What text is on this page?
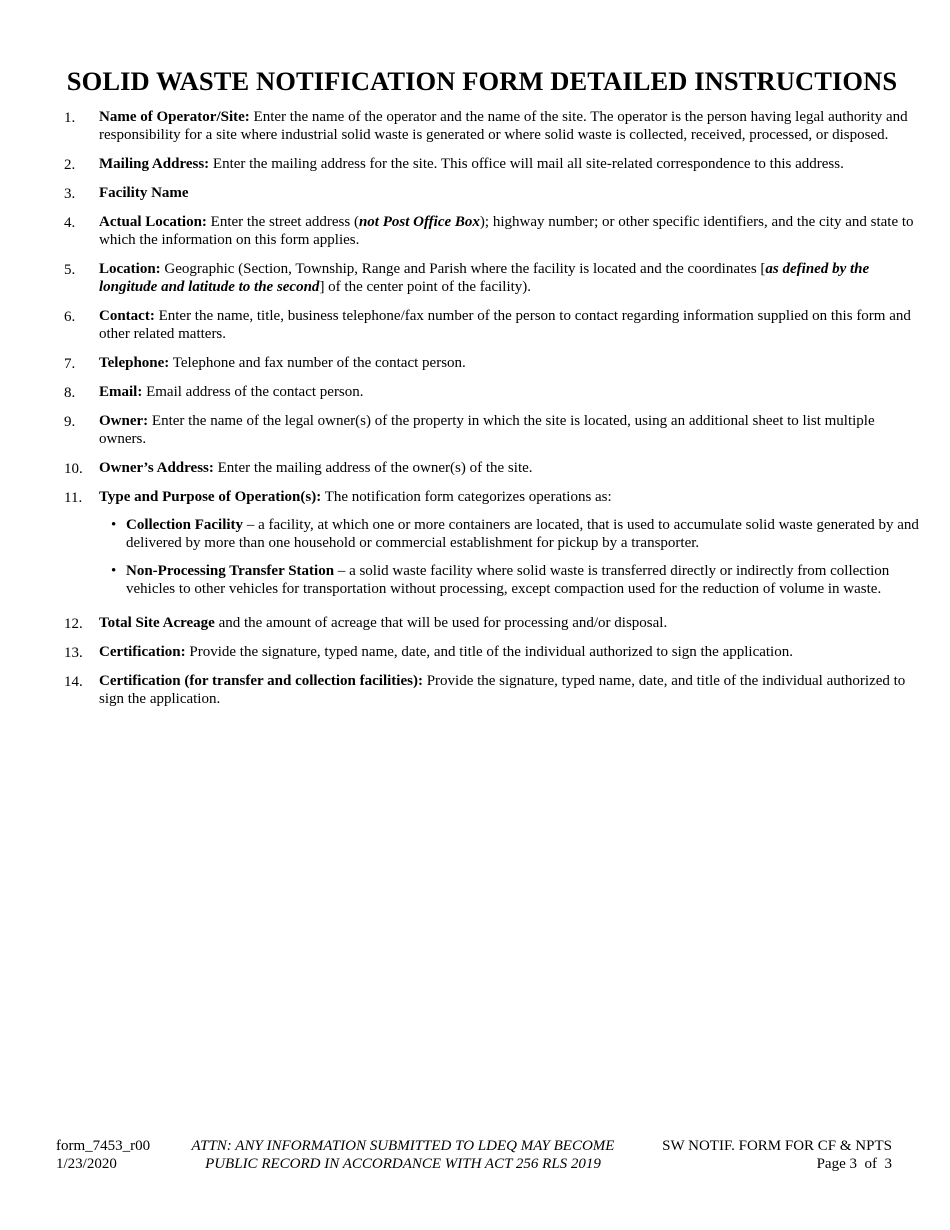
SOLID WASTE NOTIFICATION FORM DETAILED INSTRUCTIONS
1. Name of Operator/Site: Enter the name of the operator and the name of the site. The operator is the person having legal authority and responsibility for a site where industrial solid waste is generated or where solid waste is collected, received, processed, or disposed.
2. Mailing Address: Enter the mailing address for the site. This office will mail all site-related correspondence to this address.
3. Facility Name
4. Actual Location: Enter the street address (not Post Office Box); highway number; or other specific identifiers, and the city and state to which the information on this form applies.
5. Location: Geographic (Section, Township, Range and Parish where the facility is located and the coordinates [as defined by the longitude and latitude to the second] of the center point of the facility).
6. Contact: Enter the name, title, business telephone/fax number of the person to contact regarding information supplied on this form and other related matters.
7. Telephone: Telephone and fax number of the contact person.
8. Email: Email address of the contact person.
9. Owner: Enter the name of the legal owner(s) of the property in which the site is located, using an additional sheet to list multiple owners.
10. Owner’s Address: Enter the mailing address of the owner(s) of the site.
11. Type and Purpose of Operation(s): The notification form categorizes operations as:
• Collection Facility – a facility, at which one or more containers are located, that is used to accumulate solid waste generated by and delivered by more than one household or commercial establishment for pickup by a transporter.
• Non-Processing Transfer Station – a solid waste facility where solid waste is transferred directly or indirectly from collection vehicles to other vehicles for transportation without processing, except compaction used for the reduction of volume in waste.
12. Total Site Acreage and the amount of acreage that will be used for processing and/or disposal.
13. Certification: Provide the signature, typed name, date, and title of the individual authorized to sign the application.
14. Certification (for transfer and collection facilities): Provide the signature, typed name, date, and title of the individual authorized to sign the application.
form_7453_r00
1/23/2020
ATTN: ANY INFORMATION SUBMITTED TO LDEQ MAY BECOME
PUBLIC RECORD IN ACCORDANCE WITH ACT 256 RLS 2019
SW NOTIF. FORM FOR CF & NPTS
Page 3  of  3
